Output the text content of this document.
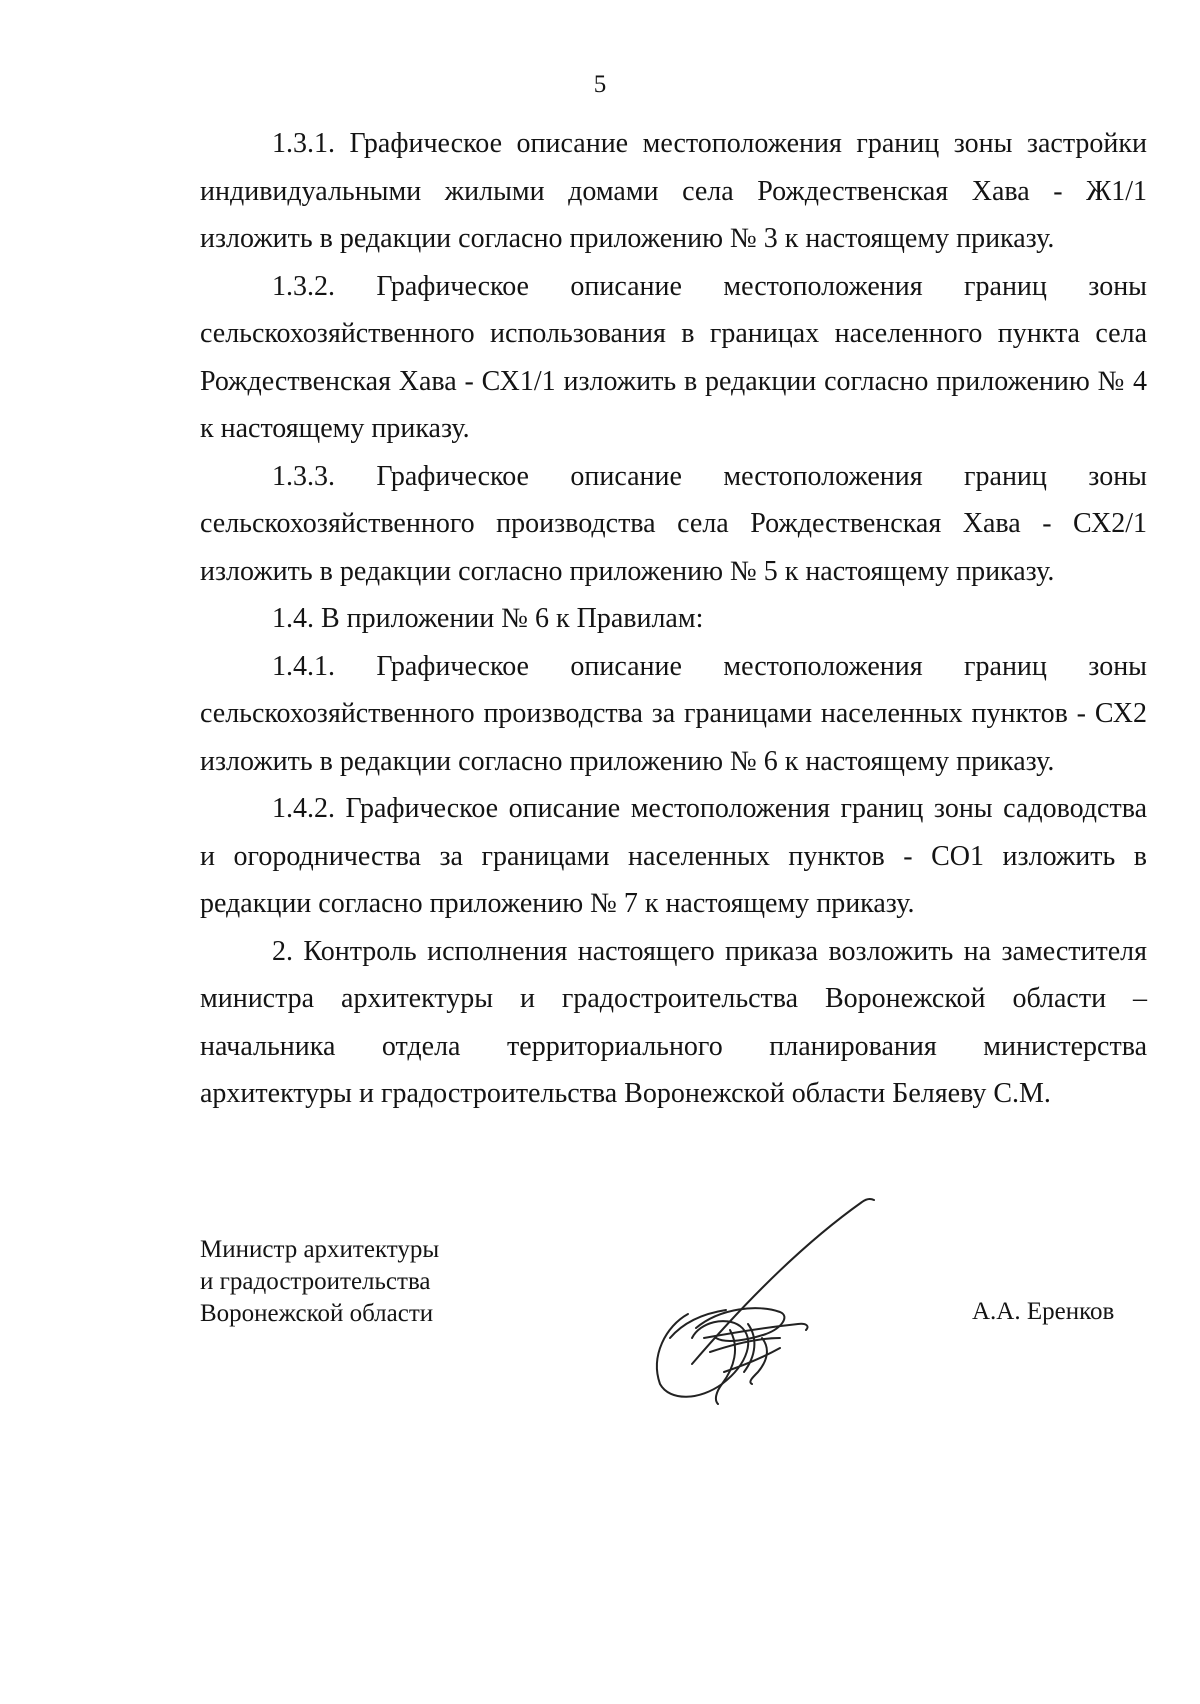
5

1.3.1. Графическое описание местоположения границ зоны застройки индивидуальными жилыми домами села Рождественская Хава - Ж1/1 изложить в редакции согласно приложению № 3 к настоящему приказу.

1.3.2. Графическое описание местоположения границ зоны сельскохозяйственного использования в границах населенного пункта села Рождественская Хава - СХ1/1 изложить в редакции согласно приложению № 4 к настоящему приказу.

1.3.3. Графическое описание местоположения границ зоны сельскохозяйственного производства села Рождественская Хава - СХ2/1 изложить в редакции согласно приложению № 5 к настоящему приказу.

1.4. В приложении № 6 к Правилам:

1.4.1. Графическое описание местоположения границ зоны сельскохозяйственного производства за границами населенных пунктов - СХ2 изложить в редакции согласно приложению № 6 к настоящему приказу.

1.4.2. Графическое описание местоположения границ зоны садоводства и огородничества за границами населенных пунктов - СО1 изложить в редакции согласно приложению № 7 к настоящему приказу.

2. Контроль исполнения настоящего приказа возложить на заместителя министра архитектуры и градостроительства Воронежской области – начальника отдела территориального планирования министерства архитектуры и градостроительства Воронежской области Беляеву С.М.

Министр архитектуры
и градостроительства
Воронежской области	А.А. Еренков
